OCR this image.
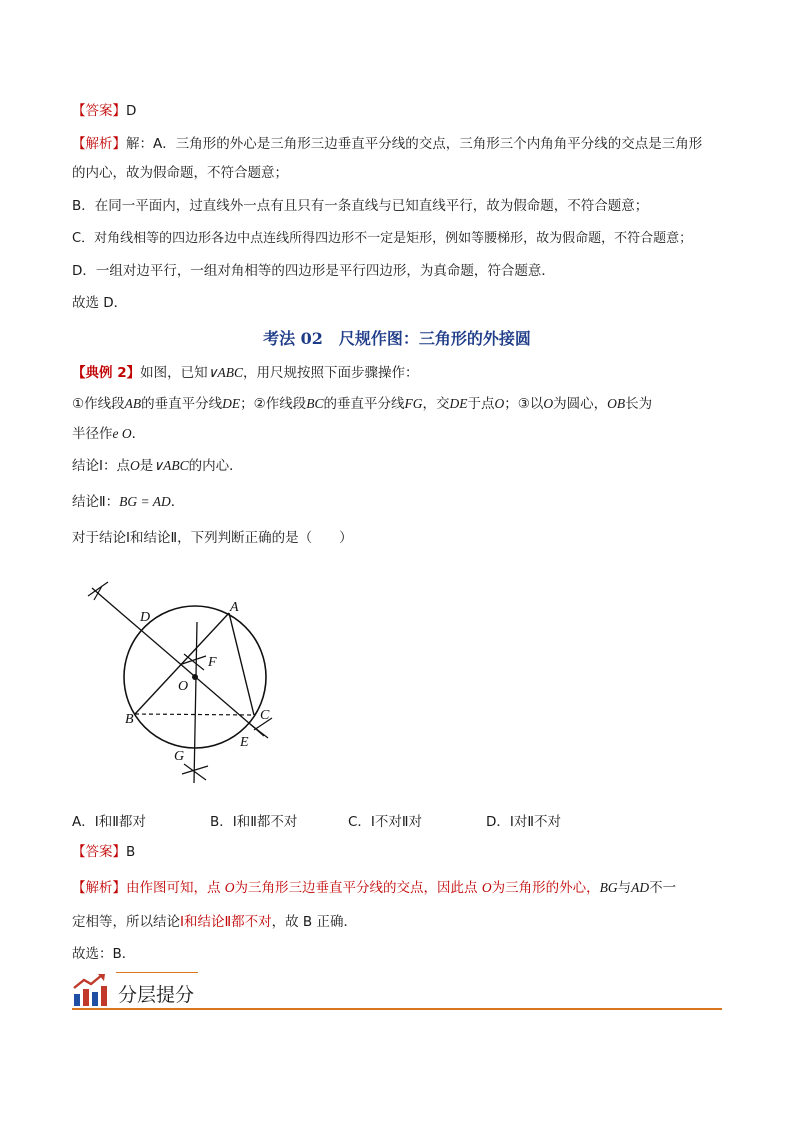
【答案】D
【解析】解：A．三角形的外心是三角形三边垂直平分线的交点，三角形三个内角角平分线的交点是三角形
的内心，故为假命题，不符合题意；
B．在同一平面内，过直线外一点有且只有一条直线与已知直线平行，故为假命题，不符合题意；
C．对角线相等的四边形各边中点连线所得四边形不一定是矩形，例如等腰梯形，故为假命题，不符合题意；
D．一组对边平行，一组对角相等的四边形是平行四边形，为真命题，符合题意．
故选 D．
考法 02　尺规作图：三角形的外接圆
【典例 2】如图，已知∨ABC，用尺规按照下面步骤操作：
①作线段AB的垂直平分线DE；②作线段BC的垂直平分线FG，交DE于点O；③以O为圆心，OB长为
半径作e O．
结论Ⅰ：点O是∨ABC的内心．
结论Ⅱ：BG = AD．
对于结论Ⅰ和结论Ⅱ，下列判断正确的是（　　）
D
A
F
O
B	C
E
G
A．Ⅰ和Ⅱ都对	B．Ⅰ和Ⅱ都不对	C．Ⅰ不对Ⅱ对	D．Ⅰ对Ⅱ不对
【答案】B
【解析】由作图可知，点 O为三角形三边垂直平分线的交点，因此点 O为三角形的外心，BG与AD不一
定相等，所以结论Ⅰ和结论Ⅱ都不对，故 B 正确．
故选：B．
分层提分
